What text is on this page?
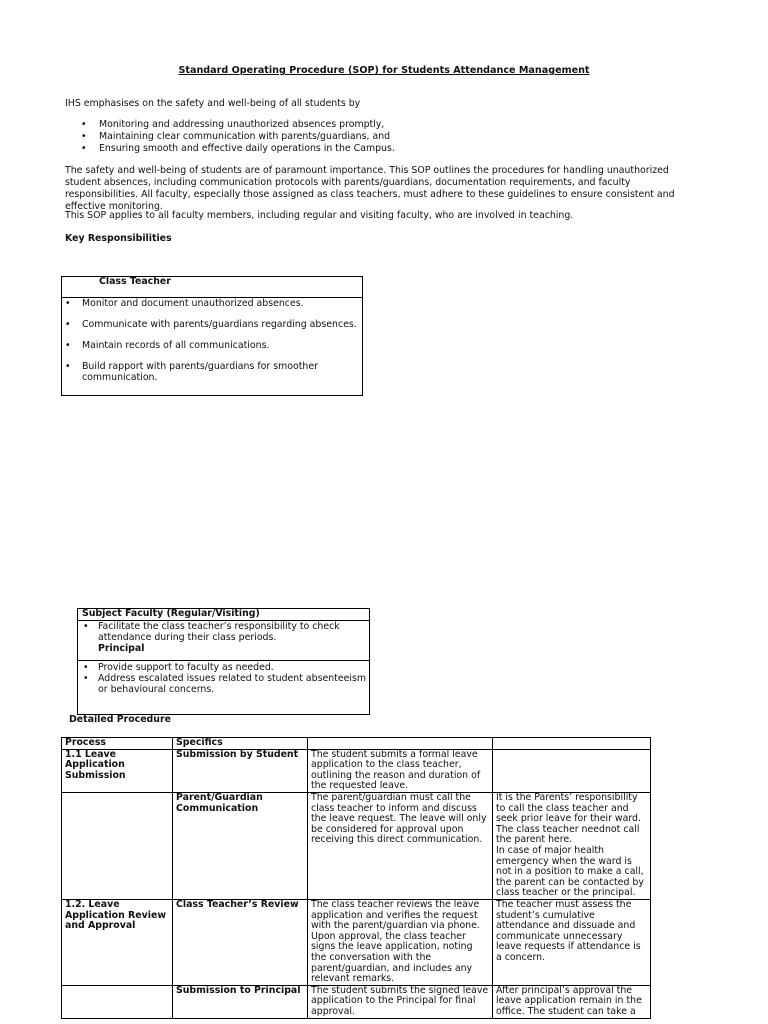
Standard Operating Procedure (SOP) for Students Attendance Management

IHS emphasises on the safety and well-being of all students by

• Monitoring and addressing unauthorized absences promptly,
• Maintaining clear communication with parents/guardians, and
• Ensuring smooth and effective daily operations in the Campus.

The safety and well-being of students are of paramount importance. This SOP outlines the procedures for handling unauthorized student absences, including communication protocols with parents/guardians, documentation requirements, and faculty responsibilities. All faculty, especially those assigned as class teachers, must adhere to these guidelines to ensure consistent and effective monitoring.

This SOP applies to all faculty members, including regular and visiting faculty, who are involved in teaching.

Key Responsibilities

Class Teacher
• Monitor and document unauthorized absences.
• Communicate with parents/guardians regarding absences.
• Maintain records of all communications.
• Build rapport with parents/guardians for smoother communication.
Subject Faculty (Regular/Visiting)
• Facilitate the class teacher’s responsibility to check attendance during their class periods.
Principal
• Provide support to faculty as needed.
• Address escalated issues related to student absenteeism or behavioural concerns.
Detailed Procedure
Process	Specifics		
1.1 Leave Application Submission	Submission by Student	The student submits a formal leave application to the class teacher, outlining the reason and duration of the requested leave.	
	Parent/Guardian Communication	The parent/guardian must call the class teacher to inform and discuss the leave request. The leave will only be considered for approval upon receiving this direct communication.	It is the Parents’ responsibility to call the class teacher and seek prior leave for their ward. The class teacher neednot call the parent here.
In case of major health emergency when the ward is not in a position to make a call, the parent can be contacted by class teacher or the principal.
1.2. Leave Application Review and Approval	Class Teacher’s Review	The class teacher reviews the leave application and verifies the request with the parent/guardian via phone. Upon approval, the class teacher signs the leave application, noting the conversation with the parent/guardian, and includes any relevant remarks.	The teacher must assess the student’s cumulative attendance and dissuade and communicate unnecessary leave requests if attendance is a concern.
	Submission to Principal	The student submits the signed leave application to the Principal for final approval.	After principal’s approval the leave application remain in the office. The student can take a
